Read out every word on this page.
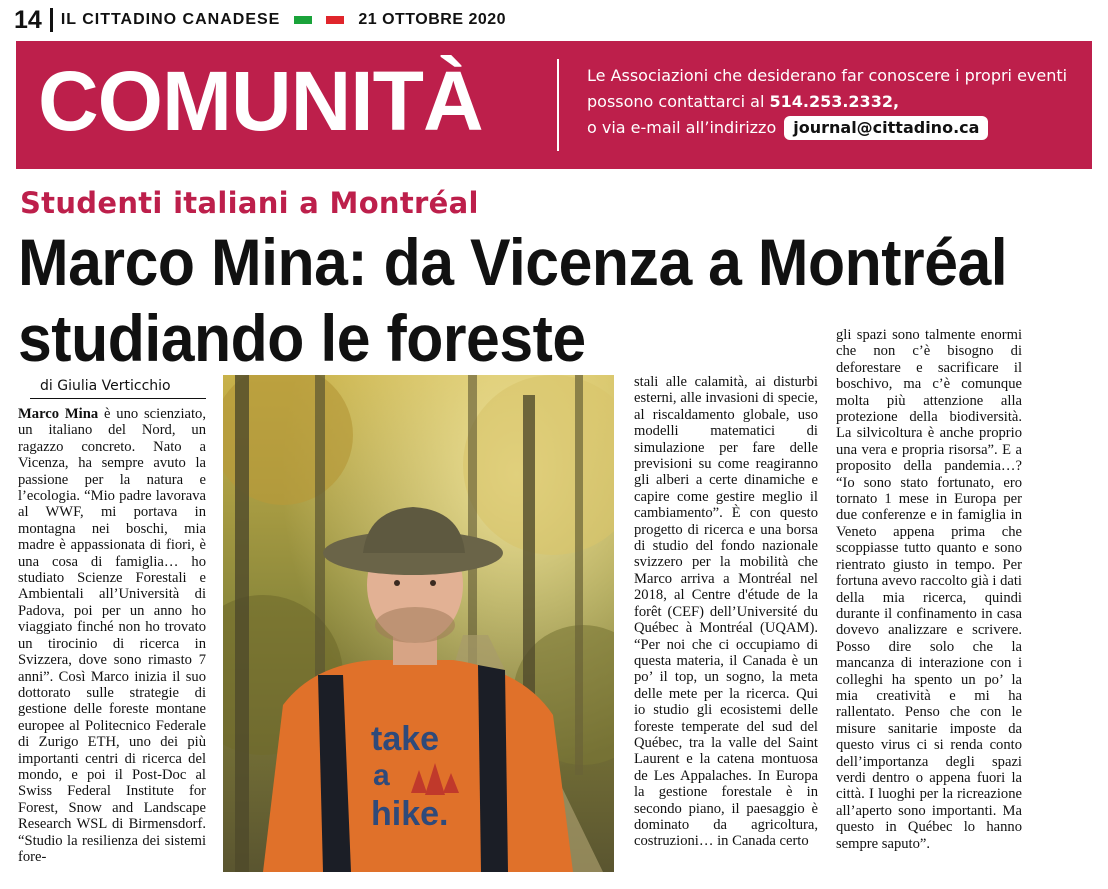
14 IL CITTADINO CANADESE	21 OTTOBRE 2020
COMUNITÀ	Le Associazioni che desiderano far conoscere i propri eventi
possono contattarci al 514.253.2332,
o via e-mail all’indirizzo journal@cittadino.ca
Studenti italiani a Montréal
Marco Mina: da Vicenza a Montréal
studiando le foreste
di Giulia Verticchio
Marco Mina è uno scienziato, un italiano del Nord, un ragazzo concreto. Nato a Vicenza, ha sempre avuto la passione per la natura e l’ecologia. “Mio padre lavorava al WWF, mi portava in montagna nei boschi, mia madre è appassionata di fiori, è una cosa di famiglia… ho studiato Scienze Forestali e Ambientali all’Università di Padova, poi per un anno ho viaggiato finché non ho trovato un tirocinio di ricerca in Svizzera, dove sono rimasto 7 anni”. Così Marco inizia il suo dottorato sulle strategie di gestione delle foreste montane europee al Politecnico Federale di Zurigo ETH, uno dei più importanti centri di ricerca del mondo, e poi il Post-Doc al Swiss Federal Institute for Forest, Snow and Landscape Research WSL di Birmensdorf. “Studio la resilienza dei sistemi fore-
take
a
hike.
stali alle calamità, ai disturbi esterni, alle invasioni di specie, al riscaldamento globale, uso modelli matematici di simulazione per fare delle previsioni su come reagiranno gli alberi a certe dinamiche e capire come gestire meglio il cambiamento”. È con questo progetto di ricerca e una borsa di studio del fondo nazionale svizzero per la mobilità che Marco arriva a Montréal nel 2018, al Centre d'étude de la forêt (CEF) dell’Université du Québec à Montréal (UQAM). “Per noi che ci occupiamo di questa materia, il Canada è un po’ il top, un sogno, la meta delle mete per la ricerca. Qui io studio gli ecosistemi delle foreste temperate del sud del Québec, tra la valle del Saint Laurent e la catena montuosa de Les Appalaches. In Europa la gestione forestale è in secondo piano, il paesaggio è dominato da agricoltura, costruzioni… in Canada certo
gli spazi sono talmente enormi che non c’è bisogno di deforestare e sacrificare il boschivo, ma c’è comunque molta più attenzione alla protezione della biodiversità. La silvicoltura è anche proprio una vera e propria risorsa”. E a proposito della pandemia…? “Io sono stato fortunato, ero tornato 1 mese in Europa per due conferenze e in famiglia in Veneto appena prima che scoppiasse tutto quanto e sono rientrato giusto in tempo. Per fortuna avevo raccolto già i dati della mia ricerca, quindi durante il confinamento in casa dovevo analizzare e scrivere. Posso dire solo che la mancanza di interazione con i colleghi ha spento un po’ la mia creatività e mi ha rallentato. Penso che con le misure sanitarie imposte da questo virus ci si renda conto dell’importanza degli spazi verdi dentro o appena fuori la città. I luoghi per la ricreazione all’aperto sono importanti. Ma questo in Québec lo hanno sempre saputo”.
